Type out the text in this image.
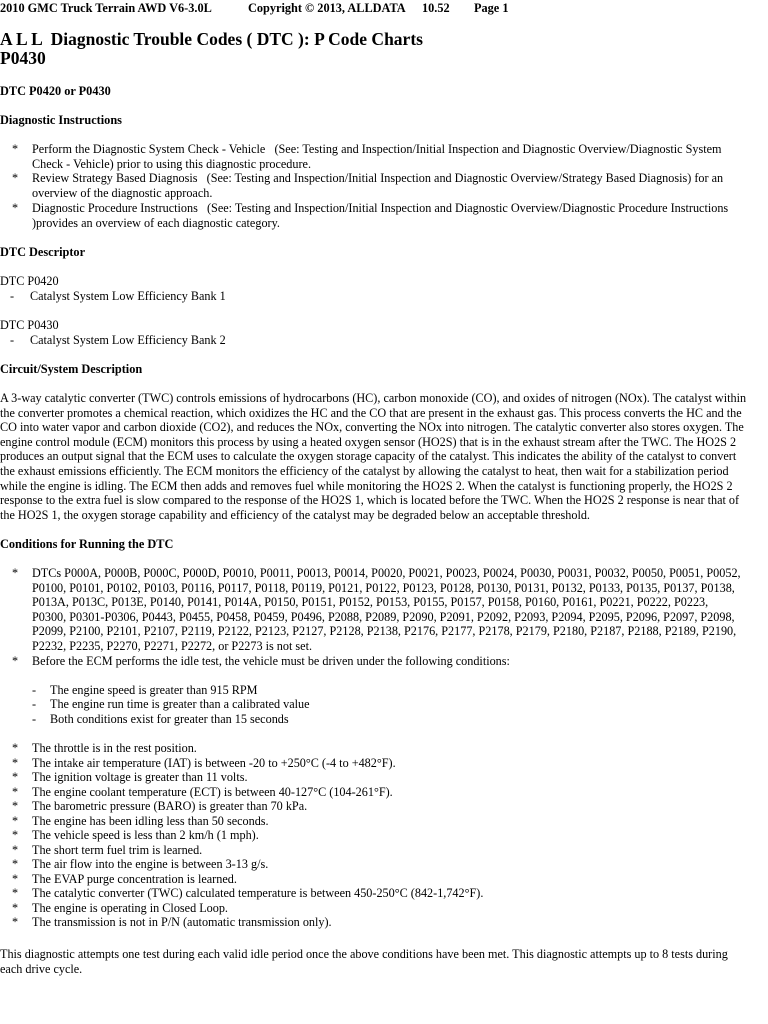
2010 GMC Truck Terrain AWD V6-3.0L	Copyright © 2013, ALLDATA 10.52 Page 1
A L L  Diagnostic Trouble Codes ( DTC ): P Code Charts
P0430
DTC P0420 or P0430
Diagnostic Instructions
*	Perform the Diagnostic System Check - Vehicle   (See: Testing and Inspection/Initial Inspection and Diagnostic Overview/Diagnostic System
Check - Vehicle) prior to using this diagnostic procedure.
*	Review Strategy Based Diagnosis   (See: Testing and Inspection/Initial Inspection and Diagnostic Overview/Strategy Based Diagnosis) for an
overview of the diagnostic approach.
*	Diagnostic Procedure Instructions   (See: Testing and Inspection/Initial Inspection and Diagnostic Overview/Diagnostic Procedure Instructions
)provides an overview of each diagnostic category.
DTC Descriptor
DTC P0420
- Catalyst System Low Efficiency Bank 1
DTC P0430
- Catalyst System Low Efficiency Bank 2
Circuit/System Description
A 3-way catalytic converter (TWC) controls emissions of hydrocarbons (HC), carbon monoxide (CO), and oxides of nitrogen (NOx). The catalyst within
the converter promotes a chemical reaction, which oxidizes the HC and the CO that are present in the exhaust gas. This process converts the HC and the
CO into water vapor and carbon dioxide (CO2), and reduces the NOx, converting the NOx into nitrogen. The catalytic converter also stores oxygen. The
engine control module (ECM) monitors this process by using a heated oxygen sensor (HO2S) that is in the exhaust stream after the TWC. The HO2S 2
produces an output signal that the ECM uses to calculate the oxygen storage capacity of the catalyst. This indicates the ability of the catalyst to convert
the exhaust emissions efficiently. The ECM monitors the efficiency of the catalyst by allowing the catalyst to heat, then wait for a stabilization period
while the engine is idling. The ECM then adds and removes fuel while monitoring the HO2S 2. When the catalyst is functioning properly, the HO2S 2
response to the extra fuel is slow compared to the response of the HO2S 1, which is located before the TWC. When the HO2S 2 response is near that of
the HO2S 1, the oxygen storage capability and efficiency of the catalyst may be degraded below an acceptable threshold.
Conditions for Running the DTC
*	DTCs P000A, P000B, P000C, P000D, P0010, P0011, P0013, P0014, P0020, P0021, P0023, P0024, P0030, P0031, P0032, P0050, P0051, P0052,
P0100, P0101, P0102, P0103, P0116, P0117, P0118, P0119, P0121, P0122, P0123, P0128, P0130, P0131, P0132, P0133, P0135, P0137, P0138,
P013A, P013C, P013E, P0140, P0141, P014A, P0150, P0151, P0152, P0153, P0155, P0157, P0158, P0160, P0161, P0221, P0222, P0223,
P0300, P0301-P0306, P0443, P0455, P0458, P0459, P0496, P2088, P2089, P2090, P2091, P2092, P2093, P2094, P2095, P2096, P2097, P2098,
P2099, P2100, P2101, P2107, P2119, P2122, P2123, P2127, P2128, P2138, P2176, P2177, P2178, P2179, P2180, P2187, P2188, P2189, P2190,
P2232, P2235, P2270, P2271, P2272, or P2273 is not set.
*	Before the ECM performs the idle test, the vehicle must be driven under the following conditions:
- The engine speed is greater than 915 RPM
- The engine run time is greater than a calibrated value
- Both conditions exist for greater than 15 seconds
*	The throttle is in the rest position.
*	The intake air temperature (IAT) is between -20 to +250°C (-4 to +482°F).
*	The ignition voltage is greater than 11 volts.
*	The engine coolant temperature (ECT) is between 40-127°C (104-261°F).
*	The barometric pressure (BARO) is greater than 70 kPa.
*	The engine has been idling less than 50 seconds.
*	The vehicle speed is less than 2 km/h (1 mph).
*	The short term fuel trim is learned.
*	The air flow into the engine is between 3-13 g/s.
*	The EVAP purge concentration is learned.
*	The catalytic converter (TWC) calculated temperature is between 450-250°C (842-1,742°F).
*	The engine is operating in Closed Loop.
*	The transmission is not in P/N (automatic transmission only).
This diagnostic attempts one test during each valid idle period once the above conditions have been met. This diagnostic attempts up to 8 tests during
each drive cycle.
